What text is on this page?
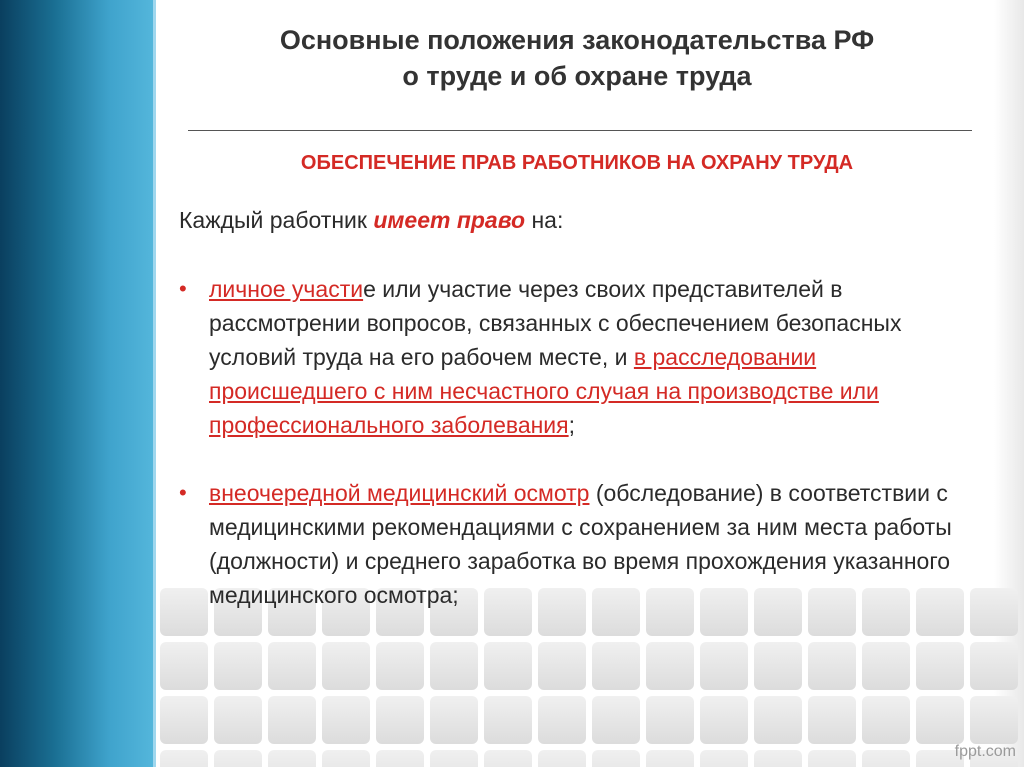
Основные положения законодательства РФ
о труде и об охране труда
ОБЕСПЕЧЕНИЕ ПРАВ РАБОТНИКОВ НА ОХРАНУ ТРУДА
Каждый работник имеет право на:
• личное участие или участие через своих представителей в рассмотрении вопросов, связанных с обеспечением безопасных условий труда на его рабочем месте, и в расследовании происшедшего с ним несчастного случая на производстве или профессионального заболевания;
• внеочередной медицинский осмотр (обследование) в соответствии с медицинскими рекомендациями с сохранением за ним места работы (должности) и среднего заработка во время прохождения указанного медицинского осмотра;
fppt.com
